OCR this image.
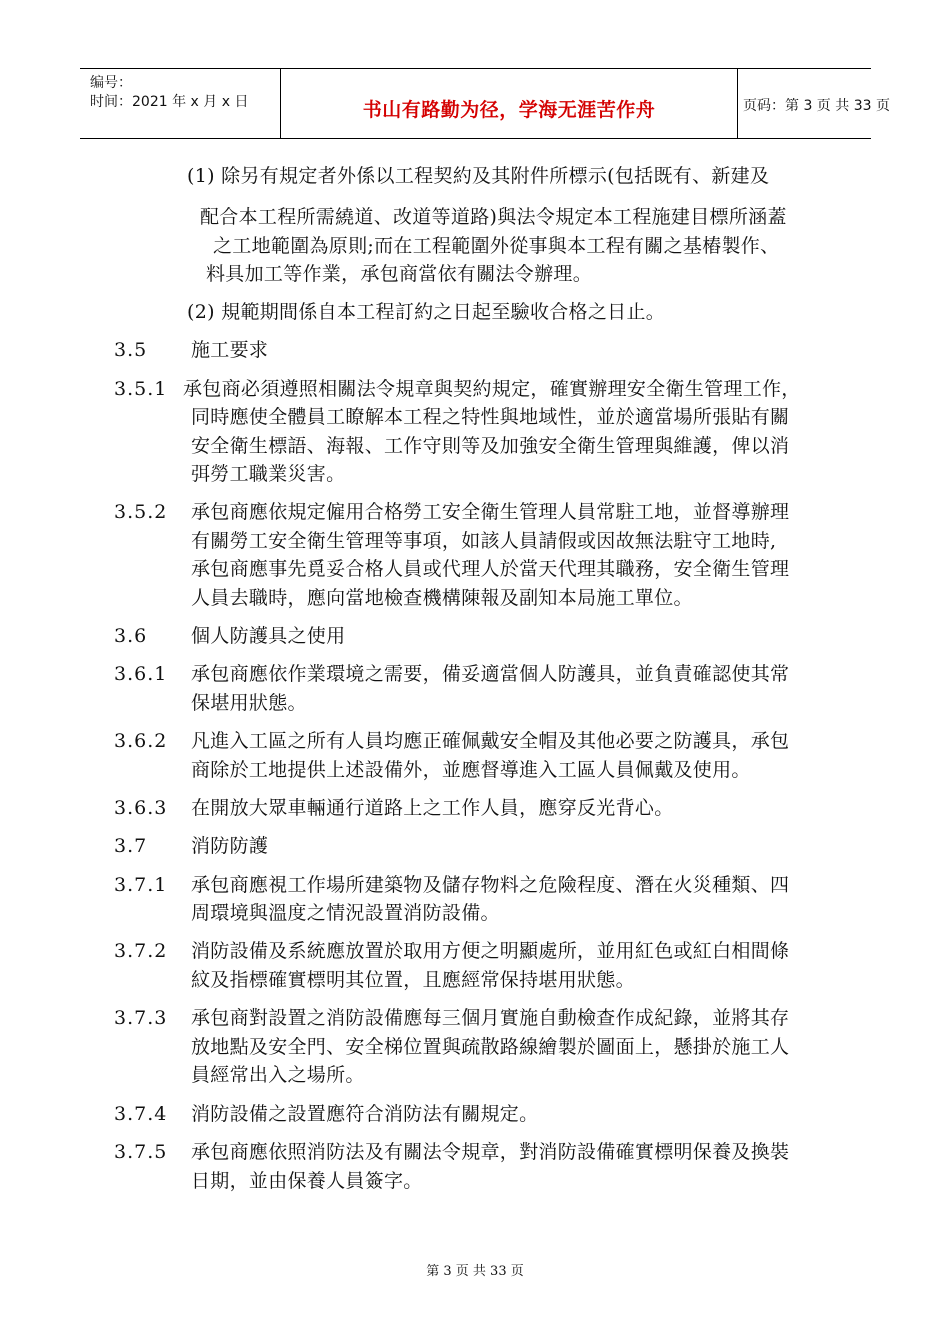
编号：
时间：2021 年 x 月 x 日	书山有路勤为径，学海无涯苦作舟	页码：第 3 页 共 33 页
(1) 除另有規定者外係以工程契約及其附件所標示(包括既有、新建及
配合本工程所需繞道、改道等道路)與法令規定本工程施建目標所涵蓋
之工地範圍為原則;而在工程範圍外從事與本工程有關之基樁製作、
料具加工等作業，承包商當依有關法令辦理。
(2) 規範期間係自本工程訂約之日起至驗收合格之日止。
3.5 施工要求
3.5.1 承包商必須遵照相關法令規章與契約規定，確實辦理安全衛生管理工作，
同時應使全體員工瞭解本工程之特性與地域性，並於適當場所張貼有關
安全衛生標語、海報、工作守則等及加強安全衛生管理與維護，俾以消
弭勞工職業災害。
3.5.2 承包商應依規定僱用合格勞工安全衛生管理人員常駐工地，並督導辦理
有關勞工安全衛生管理等事項，如該人員請假或因故無法駐守工地時,
承包商應事先覓妥合格人員或代理人於當天代理其職務，安全衛生管理
人員去職時，應向當地檢查機構陳報及副知本局施工單位。
3.6 個人防護具之使用
3.6.1 承包商應依作業環境之需要，備妥適當個人防護具，並負責確認使其常
保堪用狀態。
3.6.2 凡進入工區之所有人員均應正確佩戴安全帽及其他必要之防護具，承包
商除於工地提供上述設備外，並應督導進入工區人員佩戴及使用。
3.6.3 在開放大眾車輛通行道路上之工作人員，應穿反光背心。
3.7 消防防護
3.7.1 承包商應視工作場所建築物及儲存物料之危險程度、潛在火災種類、四
周環境與溫度之情況設置消防設備。
3.7.2 消防設備及系統應放置於取用方便之明顯處所，並用紅色或紅白相間條
紋及指標確實標明其位置，且應經常保持堪用狀態。
3.7.3 承包商對設置之消防設備應每三個月實施自動檢查作成紀錄，並將其存
放地點及安全門、安全梯位置與疏散路線繪製於圖面上，懸掛於施工人
員經常出入之場所。
3.7.4 消防設備之設置應符合消防法有關規定。
3.7.5 承包商應依照消防法及有關法令規章，對消防設備確實標明保養及換裝
日期，並由保養人員簽字。
第 3 页 共 33 页
